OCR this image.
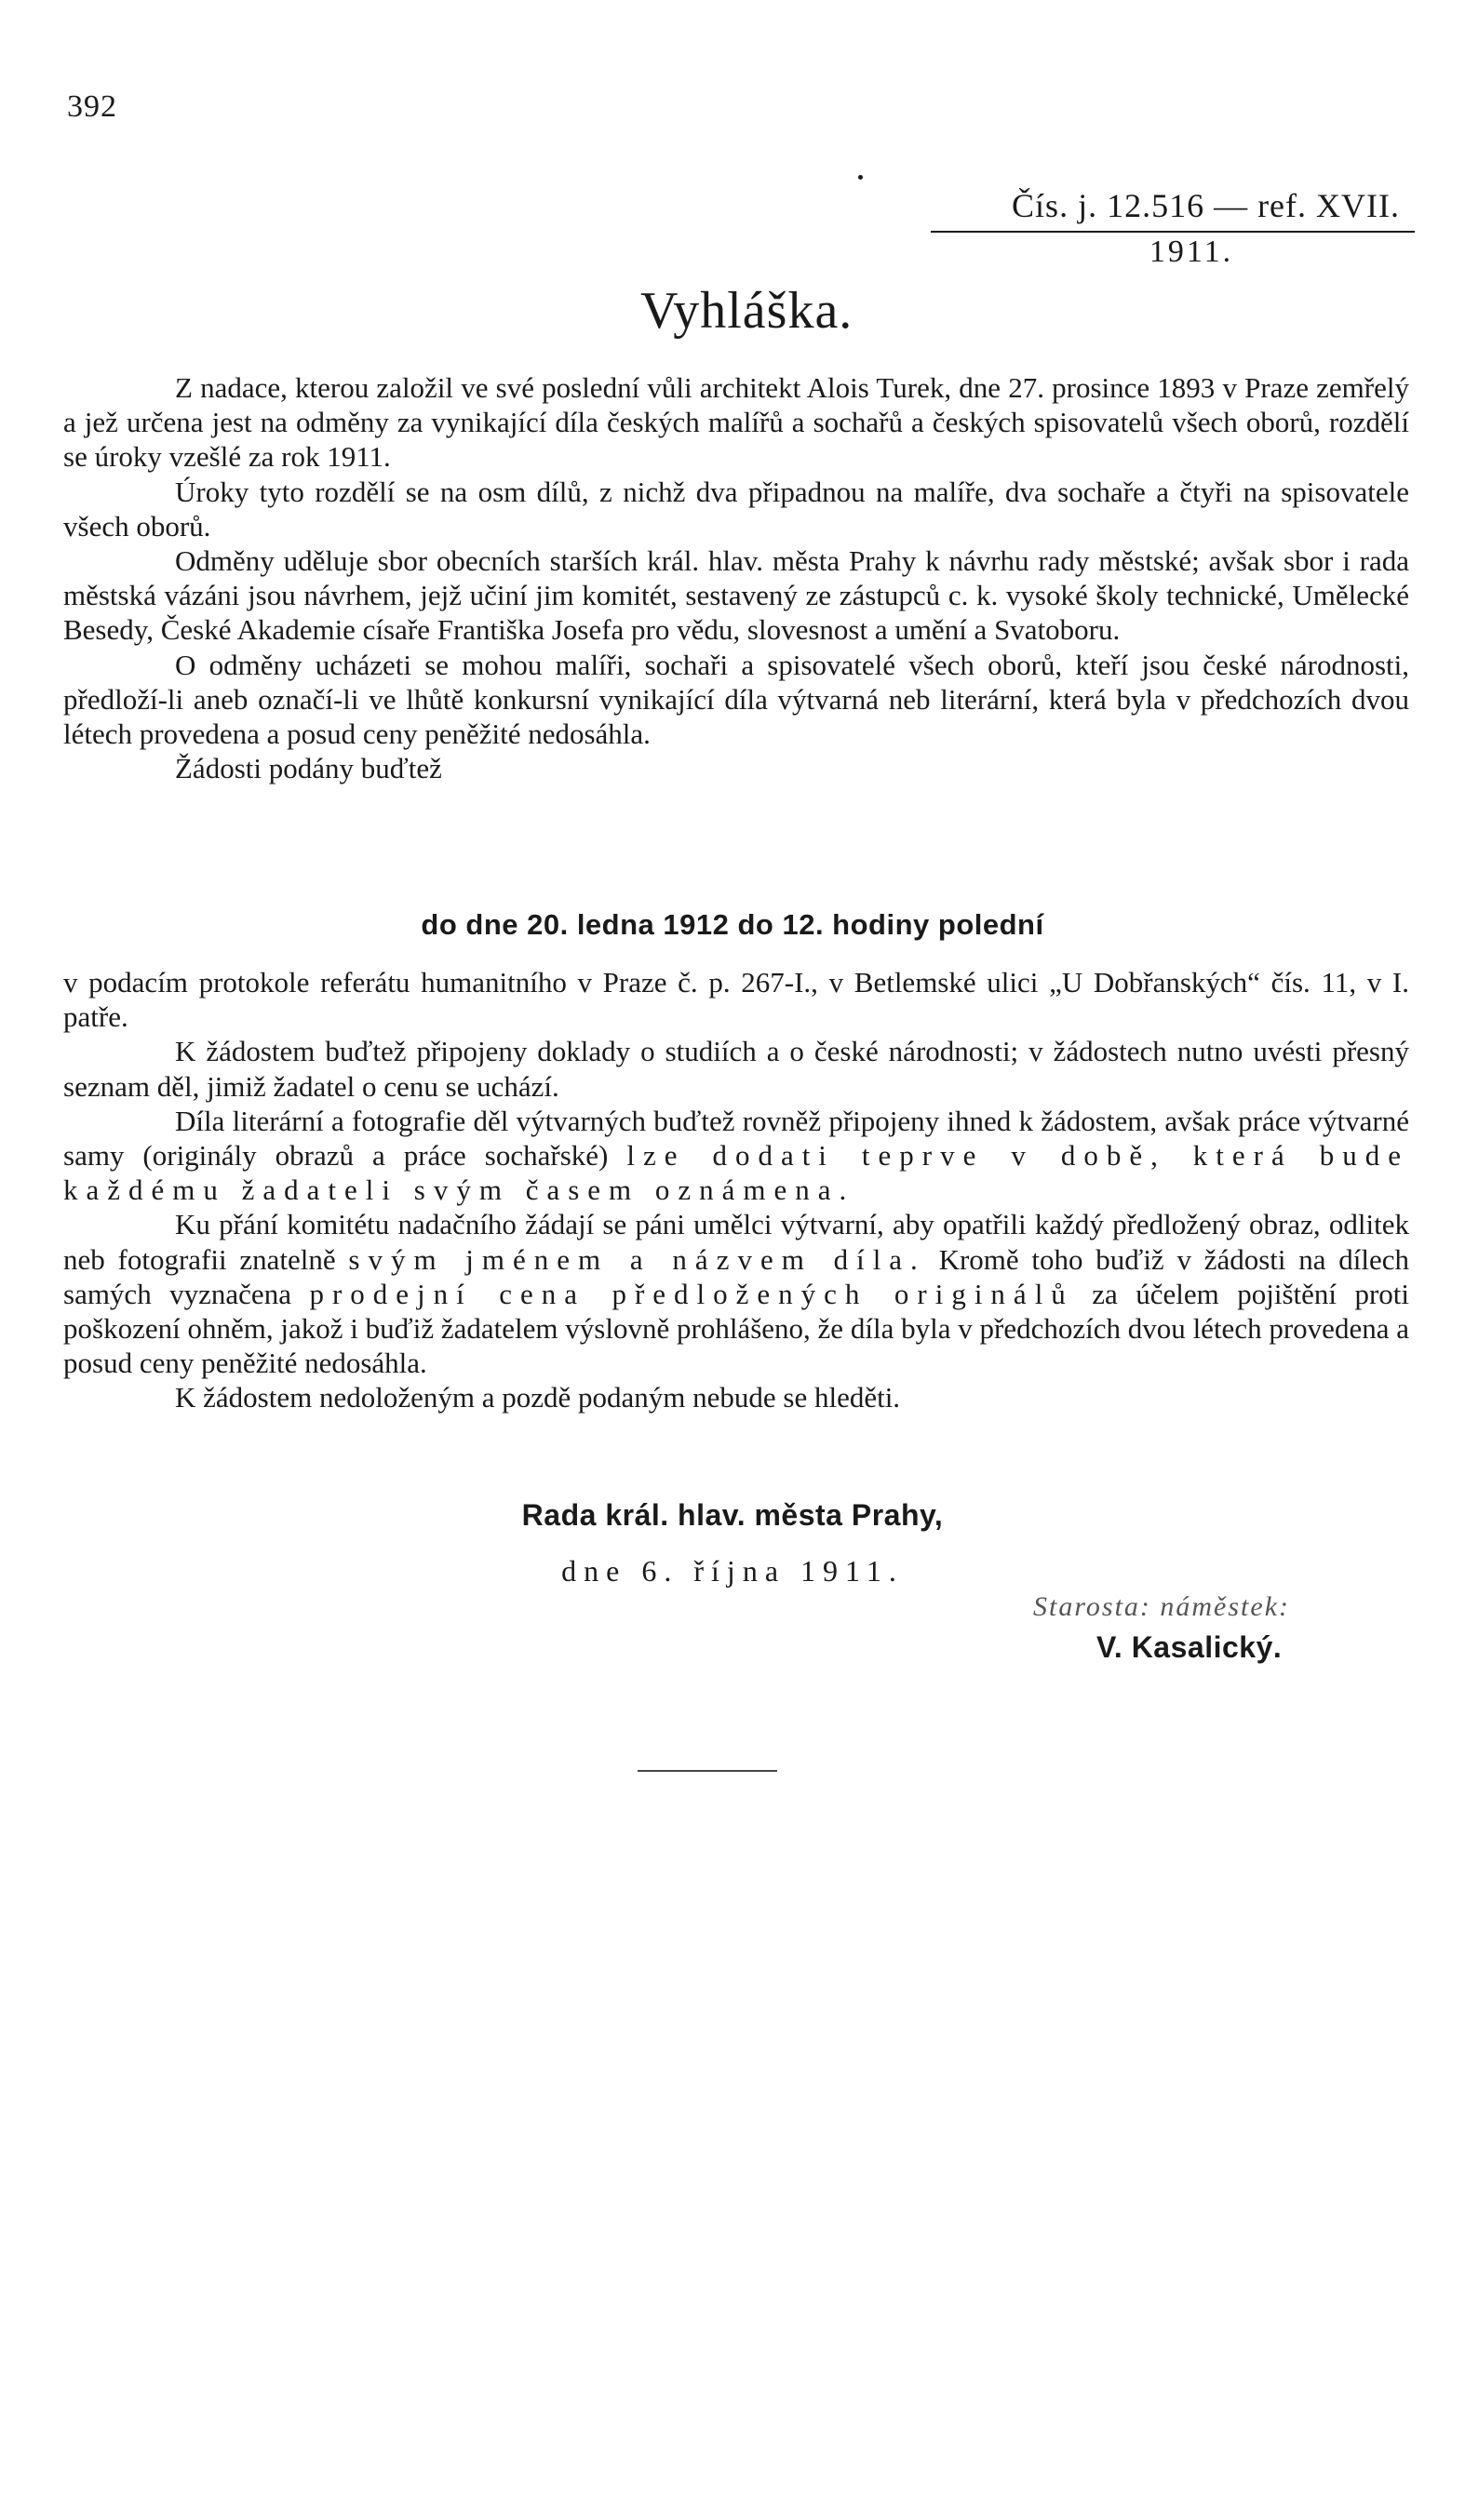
392
Čís. j. 12.516 — ref. XVII.
1911.
Vyhláška.

Z nadace, kterou založil ve své poslední vůli architekt Alois Turek, dne 27. prosince 1893 v Praze zemřelý a jež určena jest na odměny za vynikající díla českých malířů a sochařů a českých spisovatelů všech oborů, rozdělí se úroky vzešlé za rok 1911.

Úroky tyto rozdělí se na osm dílů, z nichž dva připadnou na malíře, dva sochaře a čtyři na spisovatele všech oborů.

Odměny uděluje sbor obecních starších král. hlav. města Prahy k návrhu rady městské; avšak sbor i rada městská vázáni jsou návrhem, jejž učiní jim komitét, sestavený ze zástupců c. k. vysoké školy technické, Umělecké Besedy, České Akademie císaře Františka Josefa pro vědu, slovesnost a umění a Svatoboru.

O odměny ucházeti se mohou malíři, sochaři a spisovatelé všech oborů, kteří jsou české národnosti, předloží-li aneb označí-li ve lhůtě konkursní vynikající díla výtvarná neb literární, která byla v předchozích dvou létech provedena a posud ceny peněžité nedosáhla.

Žádosti podány buďtež

do dne 20. ledna 1912 do 12. hodiny polední

v podacím protokole referátu humanitního v Praze č. p. 267-I., v Betlemské ulici „U Dobřanských“ čís. 11, v I. patře.

K žádostem buďtež připojeny doklady o studiích a o české národnosti; v žádostech nutno uvésti přesný seznam děl, jimiž žadatel o cenu se uchází.

Díla literární a fotografie děl výtvarných buďtež rovněž připojeny ihned k žádostem, avšak práce výtvarné samy (originály obrazů a práce sochařské) lze dodati teprve v době, která bude každému žadateli svým časem oznámena.

Ku přání komitétu nadačního žádají se páni umělci výtvarní, aby opatřili každý předložený obraz, odlitek neb fotografii znatelně svým jménem a názvem díla. Kromě toho buďiž v žádosti na dílech samých vyznačena prodejní cena předložených originálů za účelem pojištění proti poškození ohněm, jakož i buďiž žadatelem výslovně prohlášeno, že díla byla v předchozích dvou létech provedena a posud ceny peněžité nedosáhla.

K žádostem nedoloženým a pozdě podaným nebude se hleděti.

Rada král. hlav. města Prahy,
dne 6. října 1911.
Starosta: náměstek:
V. Kasalický.
